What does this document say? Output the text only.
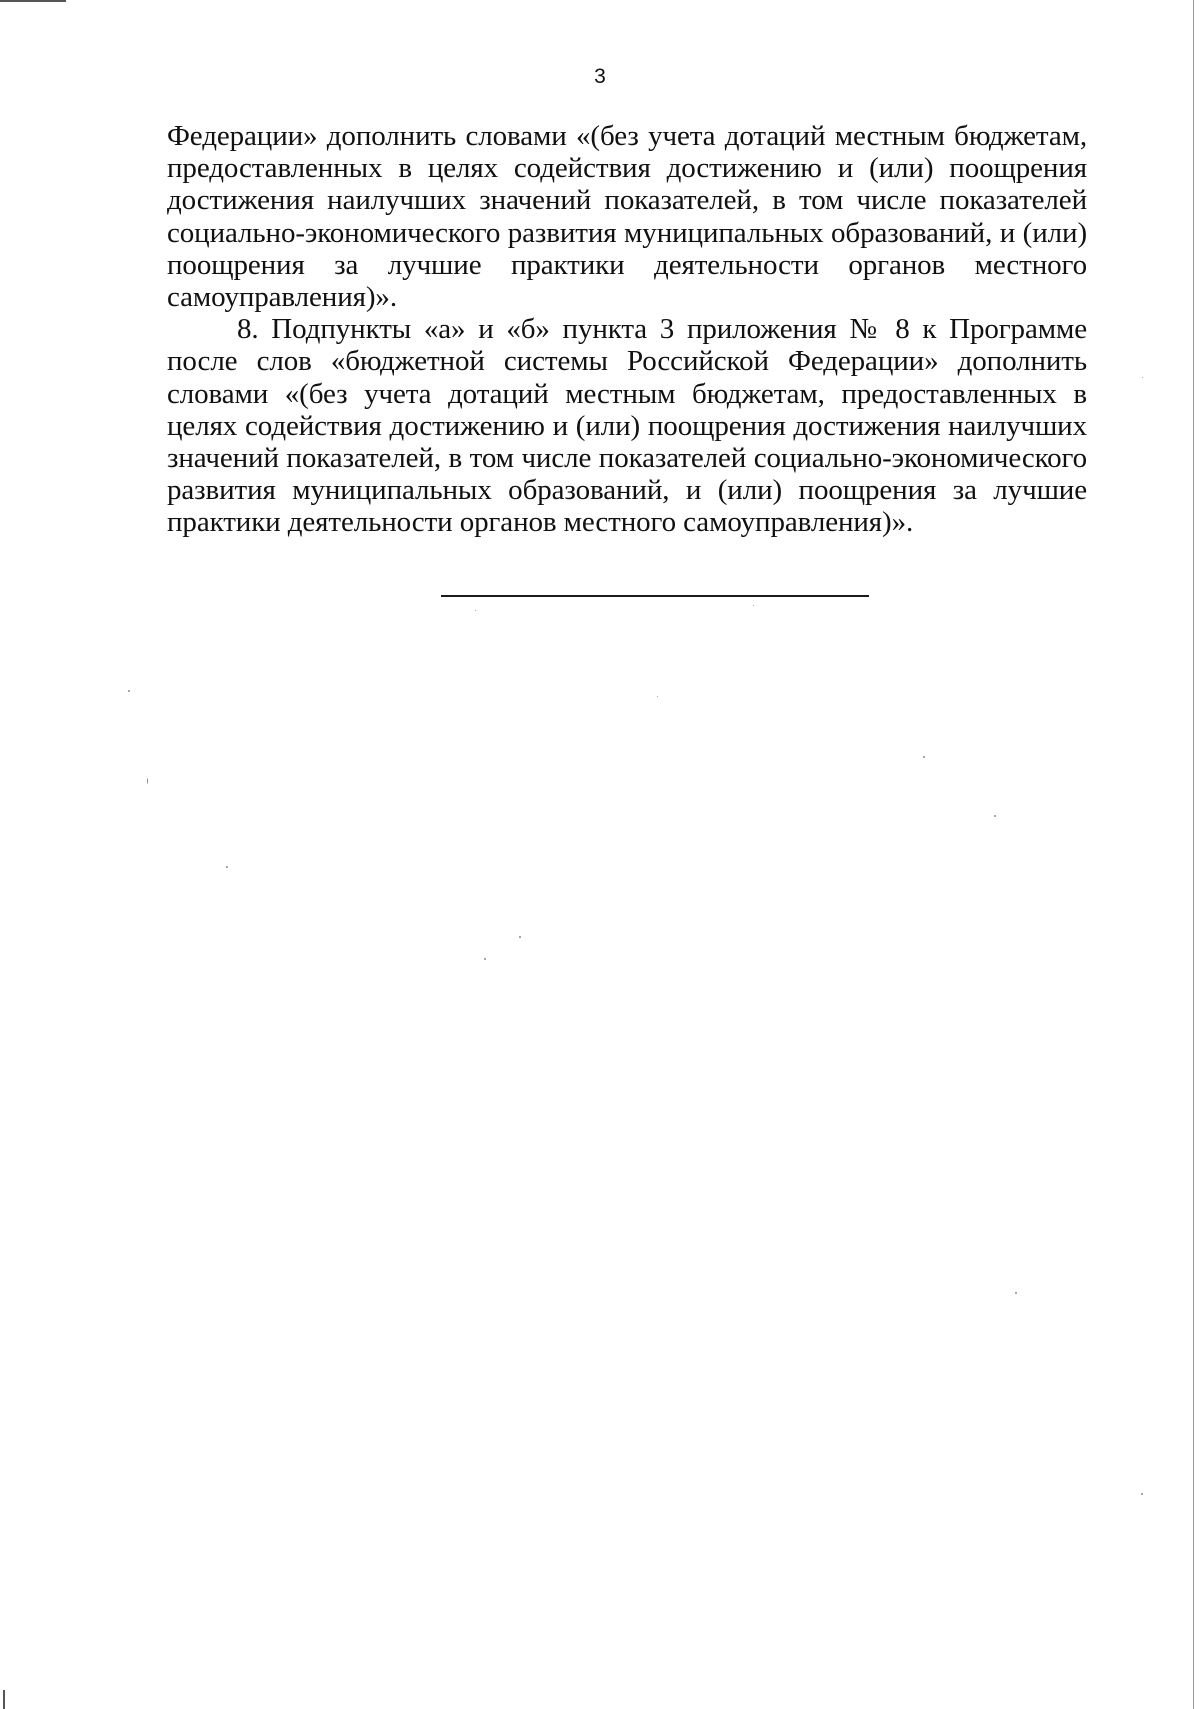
3

Федерации» дополнить словами «(без учета дотаций местным бюджетам, предоставленных в целях содействия достижению и (или) поощрения достижения наилучших значений показателей, в том числе показателей социально-экономического развития муниципальных образований, и (или) поощрения за лучшие практики деятельности органов местного самоуправления)».

8. Подпункты «а» и «б» пункта 3 приложения № 8 к Программе после слов «бюджетной системы Российской Федерации» дополнить словами «(без учета дотаций местным бюджетам, предоставленных в целях содействия достижению и (или) поощрения достижения наилучших значений показателей, в том числе показателей социально-экономического развития муниципальных образований, и (или) поощрения за лучшие практики деятельности органов местного самоуправления)».
